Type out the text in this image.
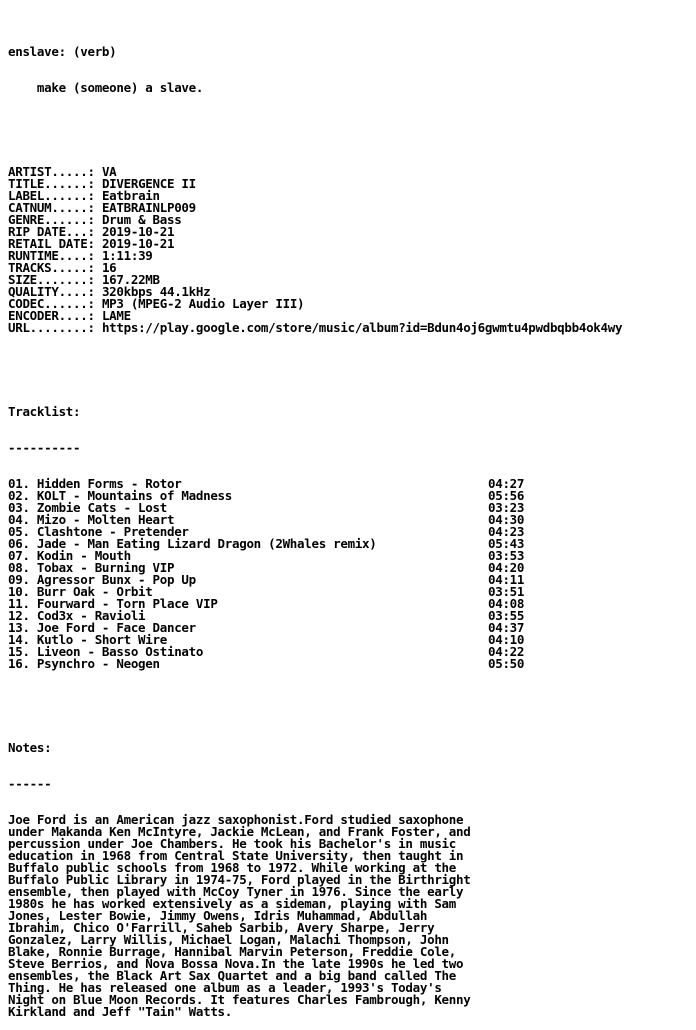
enslave: (verb)

make (someone) a slave.

ARTIST.....: VA
TITLE......: DIVERGENCE II
LABEL......: Eatbrain
CATNUM.....: EATBRAINLP009
GENRE......: Drum & Bass
RIP DATE...: 2019-10-21
RETAIL DATE: 2019-10-21
RUNTIME....: 1:11:39
TRACKS.....: 16
SIZE.......: 167.22MB
QUALITY....: 320kbps 44.1kHz
CODEC......: MP3 (MPEG-2 Audio Layer III)
ENCODER....: LAME
URL........: https://play.google.com/store/music/album?id=Bdun4oj6gwmtu4pwdbqbb4ok4wy

Tracklist:

----------

01. Hidden Forms - Rotor	04:27
02. KOLT - Mountains of Madness	05:56
03. Zombie Cats - Lost	03:23
04. Mizo - Molten Heart	04:30
05. Clashtone - Pretender	04:23
06. Jade - Man Eating Lizard Dragon (2Whales remix)	05:43
07. Kodin - Mouth	03:53
08. Tobax - Burning VIP	04:20
09. Agressor Bunx - Pop Up	04:11
10. Burr Oak - Orbit	03:51
11. Fourward - Torn Place VIP	04:08
12. Cod3x - Ravioli	03:55
13. Joe Ford - Face Dancer	04:37
14. Kutlo - Short Wire	04:10
15. Liveon - Basso Ostinato	04:22
16. Psynchro - Neogen	05:50

Notes:

------

Joe Ford is an American jazz saxophonist.Ford studied saxophone
under Makanda Ken McIntyre, Jackie McLean, and Frank Foster, and
percussion under Joe Chambers. He took his Bachelor's in music
education in 1968 from Central State University, then taught in
Buffalo public schools from 1968 to 1972. While working at the
Buffalo Public Library in 1974-75, Ford played in the Birthright
ensemble, then played with McCoy Tyner in 1976. Since the early
1980s he has worked extensively as a sideman, playing with Sam
Jones, Lester Bowie, Jimmy Owens, Idris Muhammad, Abdullah
Ibrahim, Chico O'Farrill, Saheb Sarbib, Avery Sharpe, Jerry
Gonzalez, Larry Willis, Michael Logan, Malachi Thompson, John
Blake, Ronnie Burrage, Hannibal Marvin Peterson, Freddie Cole,
Steve Berrios, and Nova Bossa Nova.In the late 1990s he led two
ensembles, the Black Art Sax Quartet and a big band called The
Thing. He has released one album as a leader, 1993's Today's
Night on Blue Moon Records. It features Charles Fambrough, Kenny
Kirkland and Jeff "Tain" Watts.
